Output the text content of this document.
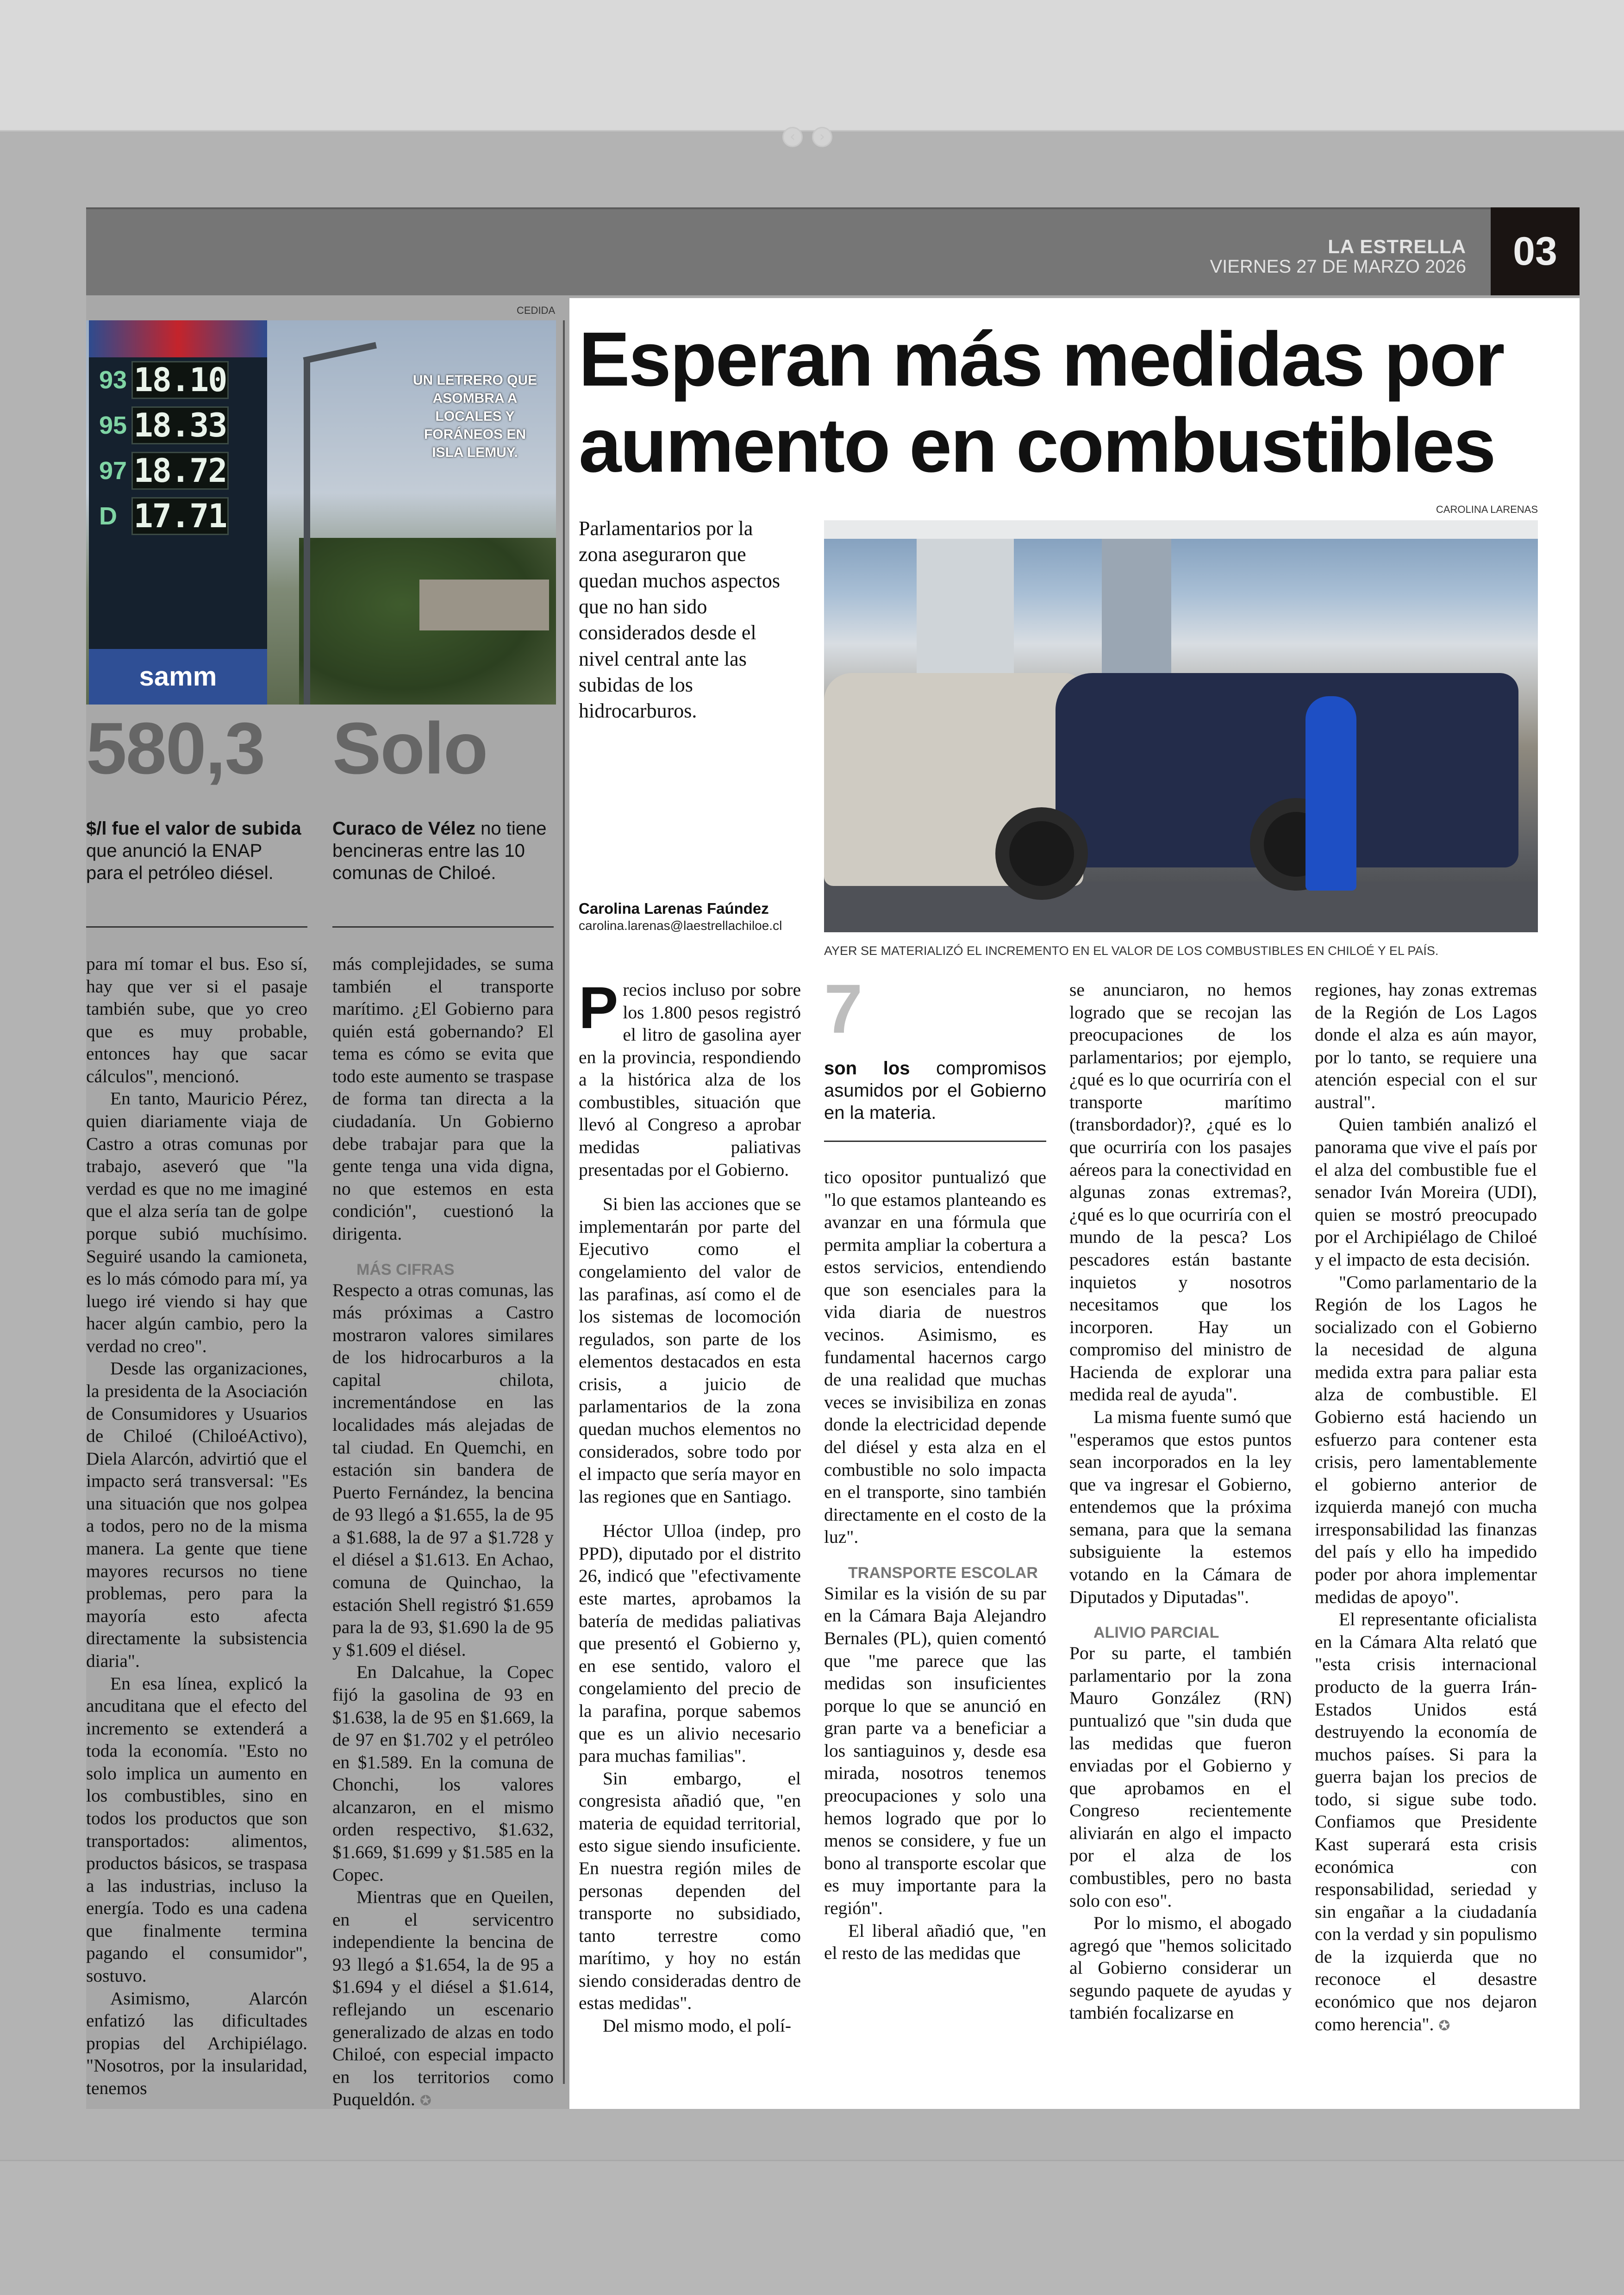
‹	›
LA ESTRELLA
VIERNES 27 DE MARZO 2026	03
CEDIDA
93 18.10
95 18.33
97 18.72
D 17.71
samm
UN LETRERO QUE ASOMBRA A LOCALES Y FORÁNEOS EN ISLA LEMUY.
580,3 Solo
$/l fue el valor de subida que anunció la ENAP para el petróleo diésel.
Curaco de Vélez no tiene bencineras entre las 10 comunas de Chiloé.

para mí tomar el bus. Eso sí, hay que ver si el pasaje también sube, que yo creo que es muy probable, entonces hay que sacar cálculos", mencionó.

En tanto, Mauricio Pérez, quien diariamente viaja de Castro a otras comunas por trabajo, aseveró que "la verdad es que no me imaginé que el alza sería tan de golpe porque subió muchísimo. Seguiré usando la camioneta, es lo más cómodo para mí, ya luego iré viendo si hay que hacer algún cambio, pero la verdad no creo".

Desde las organizaciones, la presidenta de la Asociación de Consumidores y Usuarios de Chiloé (ChiloéActivo), Diela Alarcón, advirtió que el impacto será transversal: "Es una situación que nos golpea a todos, pero no de la misma manera. La gente que tiene mayores recursos no tiene problemas, pero para la mayoría esto afecta directamente la subsistencia diaria".

En esa línea, explicó la ancuditana que el efecto del incremento se extenderá a toda la economía. "Esto no solo implica un aumento en los combustibles, sino en todos los productos que son transportados: alimentos, productos básicos, se traspasa a las industrias, incluso la energía. Todo es una cadena que finalmente termina pagando el consumidor", sostuvo.

Asimismo, Alarcón enfatizó las dificultades propias del Archipiélago. "Nosotros, por la insularidad, tenemos

más complejidades, se suma también el transporte marítimo. ¿El Gobierno para quién está gobernando? El tema es cómo se evita que todo este aumento se traspase de forma tan directa a la ciudadanía. Un Gobierno debe trabajar para que la gente tenga una vida digna, no que estemos en esta condición", cuestionó la dirigenta.

MÁS CIFRAS

Respecto a otras comunas, las más próximas a Castro mostraron valores similares de los hidrocarburos a la capital chilota, incrementándose en las localidades más alejadas de tal ciudad. En Quemchi, en estación sin bandera de Puerto Fernández, la bencina de 93 llegó a $1.655, la de 95 a $1.688, la de 97 a $1.728 y el diésel a $1.613. En Achao, comuna de Quinchao, la estación Shell registró $1.659 para la de 93, $1.690 la de 95 y $1.609 el diésel.

En Dalcahue, la Copec fijó la gasolina de 93 en $1.638, la de 95 en $1.669, la de 97 en $1.702 y el petróleo en $1.589. En la comuna de Chonchi, los valores alcanzaron, en el mismo orden respectivo, $1.632, $1.669, $1.699 y $1.585 en la Copec.

Mientras que en Queilen, en el servicentro independiente la bencina de 93 llegó a $1.654, la de 95 a $1.694 y el diésel a $1.614, reflejando un escenario generalizado de alzas en todo Chiloé, con especial impacto en los territorios como Puqueldón. ✪

Esperan más medidas por aumento en combustibles
Parlamentarios por la zona aseguraron que quedan muchos aspectos que no han sido considerados desde el nivel central ante las subidas de los hidrocarburos.
Carolina Larenas Faúndez
carolina.larenas@laestrellachiloe.cl
CAROLINA LARENAS
AYER SE MATERIALIZÓ EL INCREMENTO EN EL VALOR DE LOS COMBUSTIBLES EN CHILOÉ Y EL PAÍS.

Precios incluso por sobre los 1.800 pesos registró el litro de gasolina ayer en la provincia, respondiendo a la histórica alza de los combustibles, situación que llevó al Congreso a aprobar medidas paliativas presentadas por el Gobierno.

Si bien las acciones que se implementarán por parte del Ejecutivo como el congelamiento del valor de las parafinas, así como el de los sistemas de locomoción regulados, son parte de los elementos destacados en esta crisis, a juicio de parlamentarios de la zona quedan muchos elementos no considerados, sobre todo por el impacto que sería mayor en las regiones que en Santiago.

Héctor Ulloa (indep, pro PPD), diputado por el distrito 26, indicó que "efectivamente este martes, aprobamos la batería de medidas paliativas que presentó el Gobierno y, en ese sentido, valoro el congelamiento del precio de la parafina, porque sabemos que es un alivio necesario para muchas familias".

Sin embargo, el congresista añadió que, "en materia de equidad territorial, esto sigue siendo insuficiente. En nuestra región miles de personas dependen del transporte no subsidiado, tanto terrestre como marítimo, y hoy no están siendo consideradas dentro de estas medidas".

Del mismo modo, el polí-

7
son los compromisos asumidos por el Gobierno en la materia.

tico opositor puntualizó que "lo que estamos planteando es avanzar en una fórmula que permita ampliar la cobertura a estos servicios, entendiendo que son esenciales para la vida diaria de nuestros vecinos. Asimismo, es fundamental hacernos cargo de una realidad que muchas veces se invisibiliza en zonas donde la electricidad depende del diésel y esta alza en el combustible no solo impacta en el transporte, sino también directamente en el costo de la luz".

TRANSPORTE ESCOLAR

Similar es la visión de su par en la Cámara Baja Alejandro Bernales (PL), quien comentó que "me parece que las medidas son insuficientes porque lo que se anunció en gran parte va a beneficiar a los santiaguinos y, desde esa mirada, nosotros tenemos preocupaciones y solo una hemos logrado que por lo menos se considere, y fue un bono al transporte escolar que es muy importante para la región".

El liberal añadió que, "en el resto de las medidas que

se anunciaron, no hemos logrado que se recojan las preocupaciones de los parlamentarios; por ejemplo, ¿qué es lo que ocurriría con el transporte marítimo (transbordador)?, ¿qué es lo que ocurriría con los pasajes aéreos para la conectividad en algunas zonas extremas?, ¿qué es lo que ocurriría con el mundo de la pesca? Los pescadores están bastante inquietos y nosotros necesitamos que los incorporen. Hay un compromiso del ministro de Hacienda de explorar una medida real de ayuda".

La misma fuente sumó que "esperamos que estos puntos sean incorporados en la ley que va ingresar el Gobierno, entendemos que la próxima semana, para que la semana subsiguiente la estemos votando en la Cámara de Diputados y Diputadas".

ALIVIO PARCIAL

Por su parte, el también parlamentario por la zona Mauro González (RN) puntualizó que "sin duda que las medidas que fueron enviadas por el Gobierno y que aprobamos en el Congreso recientemente aliviarán en algo el impacto por el alza de los combustibles, pero no basta solo con eso".

Por lo mismo, el abogado agregó que "hemos solicitado al Gobierno considerar un segundo paquete de ayudas y también focalizarse en

regiones, hay zonas extremas de la Región de Los Lagos donde el alza es aún mayor, por lo tanto, se requiere una atención especial con el sur austral".

Quien también analizó el panorama que vive el país por el alza del combustible fue el senador Iván Moreira (UDI), quien se mostró preocupado por el Archipiélago de Chiloé y el impacto de esta decisión.

"Como parlamentario de la Región de los Lagos he socializado con el Gobierno la necesidad de alguna medida extra para paliar esta alza de combustible. El Gobierno está haciendo un esfuerzo para contener esta crisis, pero lamentablemente el gobierno anterior de izquierda manejó con mucha irresponsabilidad las finanzas del país y ello ha impedido poder por ahora implementar medidas de apoyo".

El representante oficialista en la Cámara Alta relató que "esta crisis internacional producto de la guerra Irán-Estados Unidos está destruyendo la economía de muchos países. Si para la guerra bajan los precios de todo, si sigue sube todo. Confiamos que Presidente Kast superará esta crisis económica con responsabilidad, seriedad y sin engañar a la ciudadanía con la verdad y sin populismo de la izquierda que no reconoce el desastre económico que nos dejaron como herencia". ✪
